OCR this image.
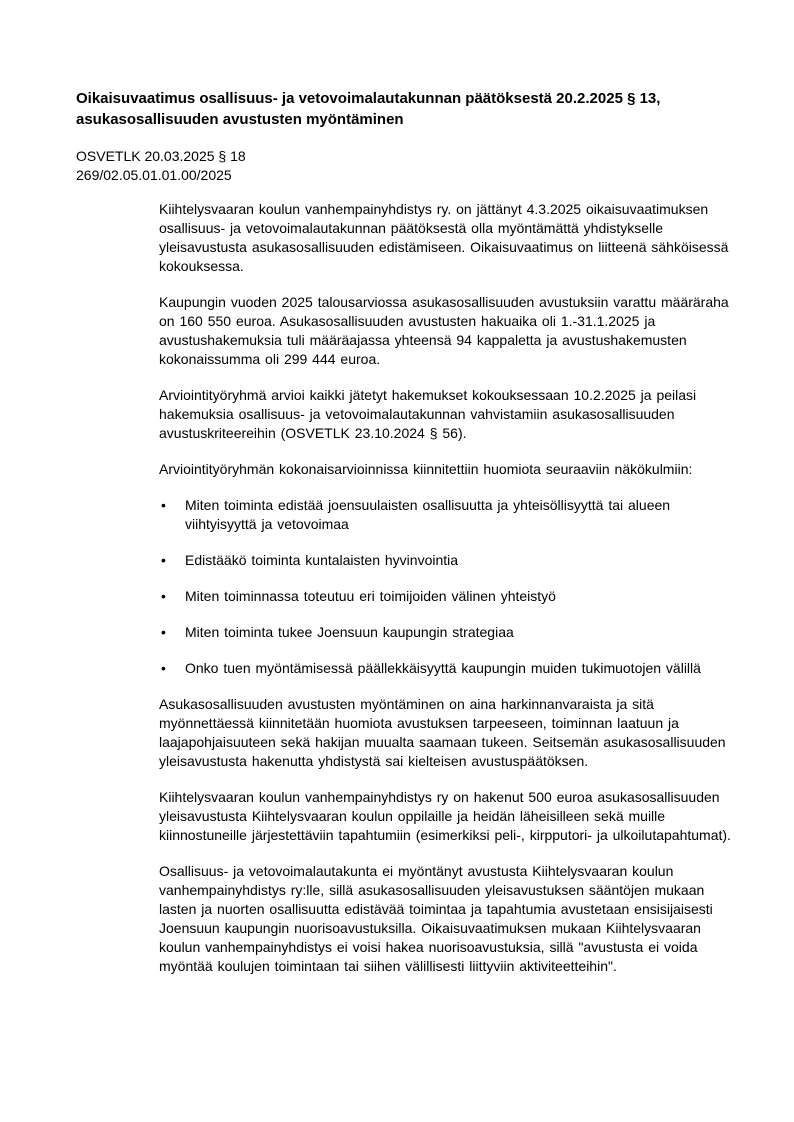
Oikaisuvaatimus osallisuus- ja vetovoimalautakunnan päätöksestä 20.2.2025 § 13,
asukasosallisuuden avustusten myöntäminen
OSVETLK 20.03.2025 § 18
269/02.05.01.01.00/2025

Kiihtelysvaaran koulun vanhempainyhdistys ry. on jättänyt 4.3.2025 oikaisuvaatimuksen osallisuus- ja vetovoimalautakunnan päätöksestä olla myöntämättä yhdistykselle yleisavustusta asukasosallisuuden edistämiseen. Oikaisuvaatimus on liitteenä sähköisessä kokouksessa.

Kaupungin vuoden 2025 talousarviossa asukasosallisuuden avustuksiin varattu määräraha on 160 550 euroa. Asukasosallisuuden avustusten hakuaika oli 1.-31.1.2025 ja avustushakemuksia tuli määräajassa yhteensä 94 kappaletta ja avustushakemusten kokonaissumma oli 299 444 euroa.

Arviointityöryhmä arvioi kaikki jätetyt hakemukset kokouksessaan 10.2.2025 ja peilasi hakemuksia osallisuus- ja vetovoimalautakunnan vahvistamiin asukasosallisuuden avustuskriteereihin (OSVETLK 23.10.2024 § 56).

Arviointityöryhmän kokonaisarvioinnissa kiinnitettiin huomiota seuraaviin näkökulmiin:

• Miten toiminta edistää joensuulaisten osallisuutta ja yhteisöllisyyttä tai alueen viihtyisyyttä ja vetovoimaa
• Edistääkö toiminta kuntalaisten hyvinvointia
• Miten toiminnassa toteutuu eri toimijoiden välinen yhteistyö
• Miten toiminta tukee Joensuun kaupungin strategiaa
• Onko tuen myöntämisessä päällekkäisyyttä kaupungin muiden tukimuotojen välillä

Asukasosallisuuden avustusten myöntäminen on aina harkinnanvaraista ja sitä myönnettäessä kiinnitetään huomiota avustuksen tarpeeseen, toiminnan laatuun ja laajapohjaisuuteen sekä hakijan muualta saamaan tukeen. Seitsemän asukasosallisuuden yleisavustusta hakenutta yhdistystä sai kielteisen avustuspäätöksen.

Kiihtelysvaaran koulun vanhempainyhdistys ry on hakenut 500 euroa asukasosallisuuden yleisavustusta Kiihtelysvaaran koulun oppilaille ja heidän läheisilleen sekä muille kiinnostuneille järjestettäviin tapahtumiin (esimerkiksi peli-, kirpputori- ja ulkoilutapahtumat).

Osallisuus- ja vetovoimalautakunta ei myöntänyt avustusta Kiihtelysvaaran koulun vanhempainyhdistys ry:lle, sillä asukasosallisuuden yleisavustuksen sääntöjen mukaan lasten ja nuorten osallisuutta edistävää toimintaa ja tapahtumia avustetaan ensisijaisesti Joensuun kaupungin nuorisoavustuksilla. Oikaisuvaatimuksen mukaan Kiihtelysvaaran koulun vanhempainyhdistys ei voisi hakea nuorisoavustuksia, sillä "avustusta ei voida myöntää koulujen toimintaan tai siihen välillisesti liittyviin aktiviteetteihin".
